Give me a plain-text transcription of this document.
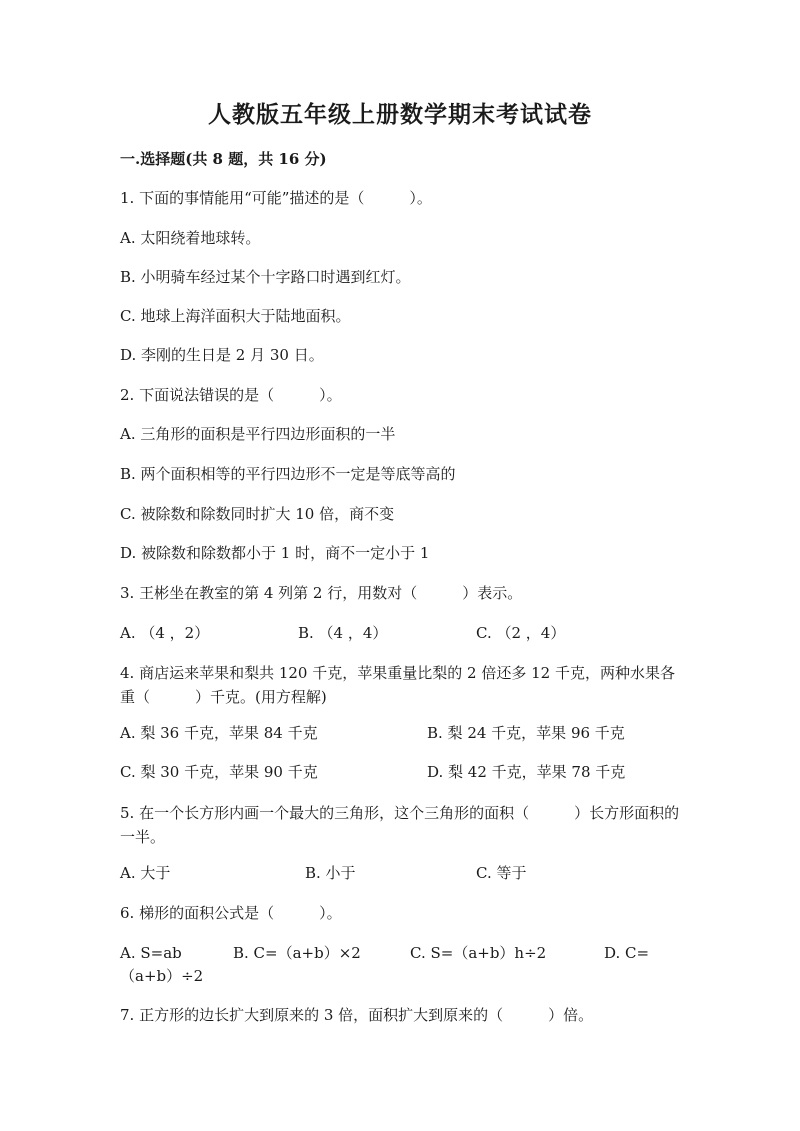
人教版五年级上册数学期末考试试卷
一.选择题(共 8 题，共 16 分)
1. 下面的事情能用“可能”描述的是（　　　）。
A. 太阳绕着地球转。
B. 小明骑车经过某个十字路口时遇到红灯。
C. 地球上海洋面积大于陆地面积。
D. 李刚的生日是 2 月 30 日。
2. 下面说法错误的是（　　　）。
A. 三角形的面积是平行四边形面积的一半
B. 两个面积相等的平行四边形不一定是等底等高的
C. 被除数和除数同时扩大 10 倍，商不变
D. 被除数和除数都小于 1 时，商不一定小于 1
3. 王彬坐在教室的第 4 列第 2 行，用数对（　　　）表示。
A. （4 ，2）	B. （4 ，4）	C. （2 ，4）
4. 商店运来苹果和梨共 120 千克，苹果重量比梨的 2 倍还多 12 千克，两种水果各重（　　　）千克。(用方程解)
A. 梨 36 千克，苹果 84 千克	B. 梨 24 千克，苹果 96 千克
C. 梨 30 千克，苹果 90 千克	D. 梨 42 千克，苹果 78 千克
5. 在一个长方形内画一个最大的三角形，这个三角形的面积（　　　）长方形面积的一半。
A. 大于	B. 小于	C. 等于
6. 梯形的面积公式是（　　　）。
A. S=ab	B. C=（a+b）×2	C. S=（a+b）h÷2	D. C=
（a+b）÷2
7. 正方形的边长扩大到原来的 3 倍，面积扩大到原来的（　　　）倍。
